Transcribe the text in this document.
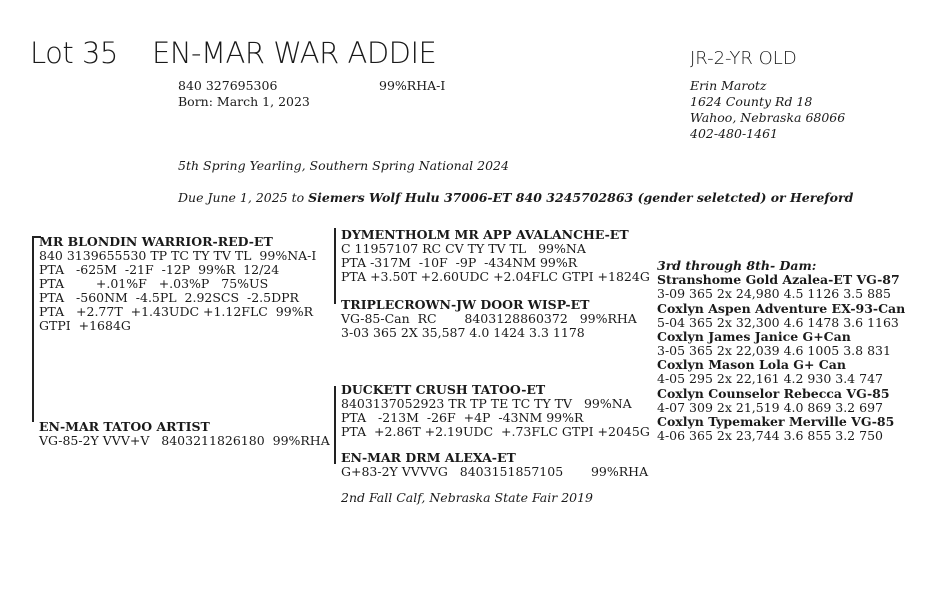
Lot 35 EN-MAR WAR ADDIE	JR-2-YR OLD
840 327695306	99%RHA-I
Born: March 1, 2023
Erin Marotz
1624 County Rd 18
Wahoo, Nebraska 68066
402-480-1461
5th Spring Yearling, Southern Spring National 2024
Due June 1, 2025 to Siemers Wolf Hulu 37006-ET 840 3245702863 (gender seletcted) or Hereford
MR BLONDIN WARRIOR-RED-ET
840 3139655530 TP TC TY TV TL  99%NA-I
PTA   -625M  -21F  -12P  99%R  12/24
PTA        +.01%F   +.03%P   75%US
PTA   -560NM  -4.5PL  2.92SCS  -2.5DPR
PTA   +2.77T  +1.43UDC +1.12FLC  99%R
GTPI  +1684G
DYMENTHOLM MR APP AVALANCHE-ET
C 11957107 RC CV TY TV TL   99%NA
PTA -317M  -10F  -9P  -434NM 99%R
PTA +3.50T +2.60UDC +2.04FLC GTPI +1824G
TRIPLECROWN-JW DOOR WISP-ET
VG-85-Can  RC       8403128860372   99%RHA
3-03 365 2X 35,587 4.0 1424 3.3 1178
EN-MAR TATOO ARTIST
VG-85-2Y VVV+V   8403211826180  99%RHA
DUCKETT CRUSH TATOO-ET
8403137052923 TR TP TE TC TY TV   99%NA
PTA   -213M  -26F  +4P  -43NM 99%R
PTA  +2.86T +2.19UDC  +.73FLC GTPI +2045G
EN-MAR DRM ALEXA-ET
G+83-2Y VVVVG   8403151857105       99%RHA
2nd Fall Calf, Nebraska State Fair 2019
3rd through 8th- Dam:
Stranshome Gold Azalea-ET VG-87
3-09 365 2x 24,980 4.5 1126 3.5 885
Coxlyn Aspen Adventure EX-93-Can
5-04 365 2x 32,300 4.6 1478 3.6 1163
Coxlyn James Janice G+Can
3-05 365 2x 22,039 4.6 1005 3.8 831
Coxlyn Mason Lola G+ Can
4-05 295 2x 22,161 4.2 930 3.4 747
Coxlyn Counselor Rebecca VG-85
4-07 309 2x 21,519 4.0 869 3.2 697
Coxlyn Typemaker Merville VG-85
4-06 365 2x 23,744 3.6 855 3.2 750
